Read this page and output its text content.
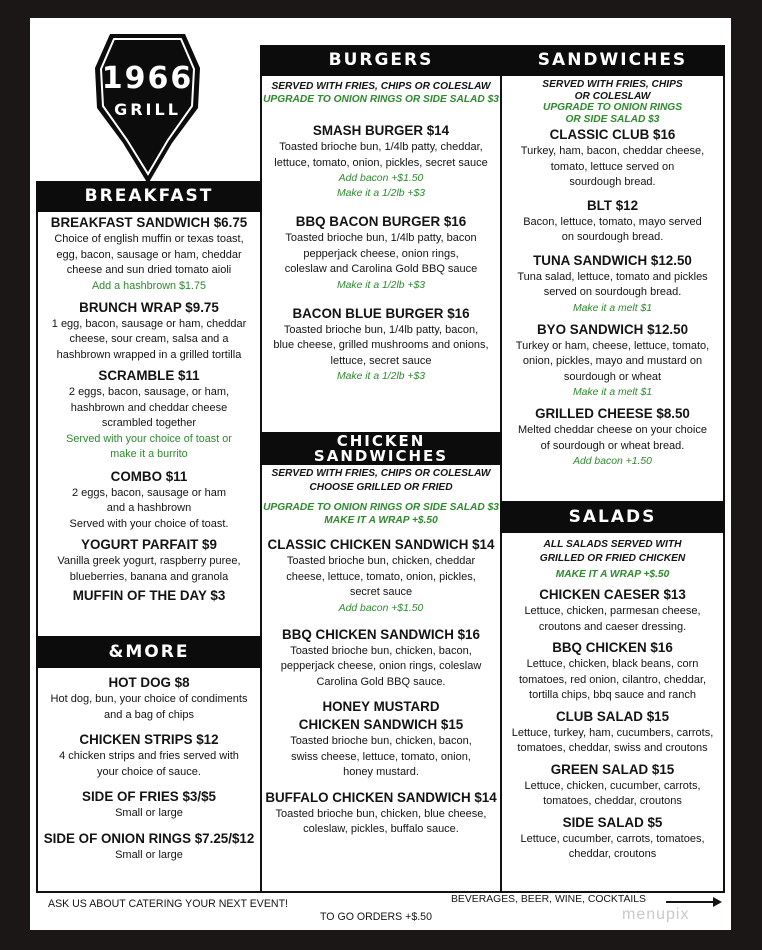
1966
GRILL
BREAKFAST
BREAKFAST SANDWICH $6.75
Choice of english muffin or texas toast,
egg, bacon, sausage or ham, cheddar
cheese and sun dried tomato aioli
Add a hashbrown $1.75
BRUNCH WRAP $9.75
1 egg, bacon, sausage or ham, cheddar
cheese, sour cream, salsa and a
hashbrown wrapped in a grilled tortilla
SCRAMBLE $11
2 eggs, bacon, sausage, or ham,
hashbrown and cheddar cheese
scrambled together
Served with your choice of toast or
make it a burrito
COMBO $11
2 eggs, bacon, sausage or ham
and a hashbrown
Served with your choice of toast.
YOGURT PARFAIT $9
Vanilla greek yogurt, raspberry puree,
blueberries, banana and granola
MUFFIN OF THE DAY $3
&MORE
HOT DOG $8
Hot dog, bun, your choice of condiments
and a bag of chips
CHICKEN STRIPS $12
4 chicken strips and fries served with
your choice of sauce.
SIDE OF FRIES $3/$5
Small or large
SIDE OF ONION RINGS $7.25/$12
Small or large
BURGERS
SERVED WITH FRIES, CHIPS OR COLESLAW
UPGRADE TO ONION RINGS OR SIDE SALAD $3
SMASH BURGER $14
Toasted brioche bun, 1/4lb patty, cheddar,
lettuce, tomato, onion, pickles, secret sauce
Add bacon +$1.50
Make it a 1/2lb +$3
BBQ BACON BURGER $16
Toasted brioche bun, 1/4lb patty, bacon
pepperjack cheese, onion rings,
coleslaw and Carolina Gold BBQ sauce
Make it a 1/2lb +$3
BACON BLUE BURGER $16
Toasted brioche bun, 1/4lb patty, bacon,
blue cheese, grilled mushrooms and onions,
lettuce, secret sauce
Make it a 1/2lb +$3
CHICKEN
SANDWICHES
SERVED WITH FRIES, CHIPS OR COLESLAW
CHOOSE GRILLED OR FRIED
UPGRADE TO ONION RINGS OR SIDE SALAD $3
MAKE IT A WRAP +$.50
CLASSIC CHICKEN SANDWICH $14
Toasted brioche bun, chicken, cheddar
cheese, lettuce, tomato, onion, pickles,
secret sauce
Add bacon +$1.50
BBQ CHICKEN SANDWICH $16
Toasted brioche bun, chicken, bacon,
pepperjack cheese, onion rings, coleslaw
Carolina Gold BBQ sauce.
HONEY MUSTARD
CHICKEN SANDWICH $15
Toasted brioche bun, chicken, bacon,
swiss cheese, lettuce, tomato, onion,
honey mustard.
BUFFALO CHICKEN SANDWICH $14
Toasted brioche bun, chicken, blue cheese,
coleslaw, pickles, buffalo sauce.
SANDWICHES
SERVED WITH FRIES, CHIPS
OR COLESLAW
UPGRADE TO ONION RINGS
OR SIDE SALAD $3
CLASSIC CLUB $16
Turkey, ham, bacon, cheddar cheese,
tomato, lettuce served on
sourdough bread.
BLT $12
Bacon, lettuce, tomato, mayo served
on sourdough bread.
TUNA SANDWICH $12.50
Tuna salad, lettuce, tomato and pickles
served on sourdough bread.
Make it a melt $1
BYO SANDWICH $12.50
Turkey or ham, cheese, lettuce, tomato,
onion, pickles, mayo and mustard on
sourdough or wheat
Make it a melt $1
GRILLED CHEESE $8.50
Melted cheddar cheese on your choice
of sourdough or wheat bread.
Add bacon +1.50
SALADS
ALL SALADS SERVED WITH
GRILLED OR FRIED CHICKEN
MAKE IT A WRAP +$.50
CHICKEN CAESER $13
Lettuce, chicken, parmesan cheese,
croutons and caeser dressing.
BBQ CHICKEN $16
Lettuce, chicken, black beans, corn
tomatoes, red onion, cilantro, cheddar,
tortilla chips, bbq sauce and ranch
CLUB SALAD $15
Lettuce, turkey, ham, cucumbers, carrots,
tomatoes, cheddar, swiss and croutons
GREEN SALAD $15
Lettuce, chicken, cucumber, carrots,
tomatoes, cheddar, croutons
SIDE SALAD $5
Lettuce, cucumber, carrots, tomatoes,
cheddar, croutons
ASK US ABOUT CATERING YOUR NEXT EVENT!
TO GO ORDERS +$.50
BEVERAGES, BEER, WINE, COCKTAILS
menupix
